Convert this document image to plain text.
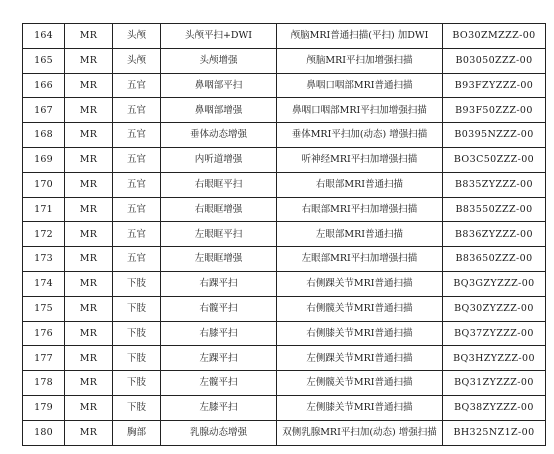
164	MR	头颅	头颅平扫+DWI	颅脑MRI普通扫描(平扫) 加DWI	BO30ZMZZZ-00
165	MR	头颅	头颅增强	颅脑MRI平扫加增强扫描	B03050ZZZ-00
166	MR	五官	鼻咽部平扫	鼻咽口咽部MRI普通扫描	B93FZYZZZ-00
167	MR	五官	鼻咽部增强	鼻咽口咽部MRI平扫加增强扫描	B93F50ZZZ-00
168	MR	五官	垂体动态增强	垂体MRI平扫加(动态) 增强扫描	B0395NZZZ-00
169	MR	五官	内听道增强	听神经MRI平扫加增强扫描	BO3C50ZZZ-00
170	MR	五官	右眼眶平扫	右眼部MRI普通扫描	B835ZYZZZ-00
171	MR	五官	右眼眶增强	右眼部MRI平扫加增强扫描	B83550ZZZ-00
172	MR	五官	左眼眶平扫	左眼部MRI普通扫描	B836ZYZZZ-00
173	MR	五官	左眼眶增强	左眼部MRI平扫加增强扫描	B83650ZZZ-00
174	MR	下肢	右踝平扫	右侧踝关节MRI普通扫描	BQ3GZYZZZ-00
175	MR	下肢	右髋平扫	右侧髋关节MRI普通扫描	BQ30ZYZZZ-00
176	MR	下肢	右膝平扫	右侧膝关节MRI普通扫描	BQ37ZYZZZ-00
177	MR	下肢	左踝平扫	左侧踝关节MRI普通扫描	BQ3HZYZZZ-00
178	MR	下肢	左髋平扫	左侧髋关节MRI普通扫描	BQ31ZYZZZ-00
179	MR	下肢	左膝平扫	左侧膝关节MRI普通扫描	BQ38ZYZZZ-00
180	MR	胸部	乳腺动态增强	双侧乳腺MRI平扫加(动态) 增强扫描	BH325NZ1Z-00
